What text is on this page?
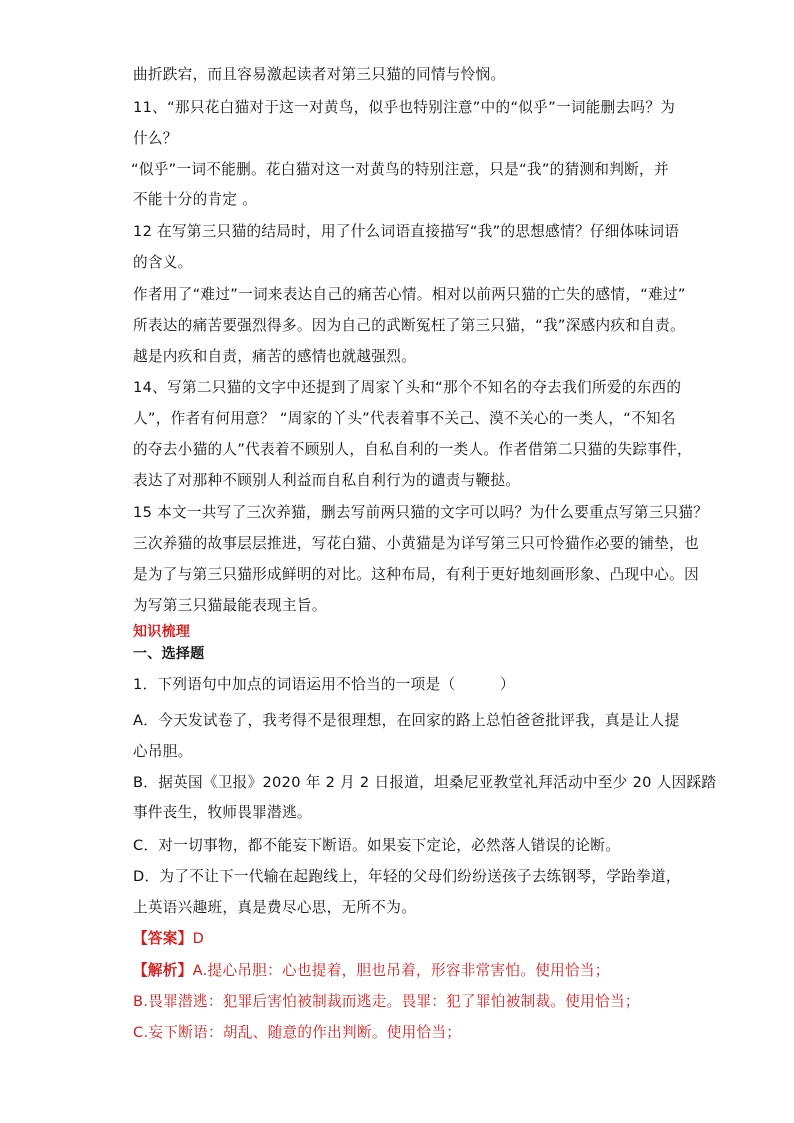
曲折跌宕，而且容易激起读者对第三只猫的同情与怜悯。
11、“那只花白猫对于这一对黄鸟，似乎也特别注意”中的“似乎”一词能删去吗？为
什么？
“似乎”一词不能删。花白猫对这一对黄鸟的特别注意，只是“我”的猜测和判断，并
不能十分的肯定 。
12 在写第三只猫的结局时，用了什么词语直接描写“我”的思想感情？仔细体味词语
的含义。
作者用了“难过”一词来表达自己的痛苦心情。相对以前两只猫的亡失的感情，“难过”
所表达的痛苦要强烈得多。因为自己的武断冤枉了第三只猫，“我”深感内疚和自责。
越是内疚和自责，痛苦的感情也就越强烈。
14、写第二只猫的文字中还提到了周家丫头和“那个不知名的夺去我们所爱的东西的
人”，作者有何用意？ “周家的丫头”代表着事不关己、漠不关心的一类人，“不知名
的夺去小猫的人”代表着不顾别人，自私自利的一类人。作者借第二只猫的失踪事件，
表达了对那种不顾别人利益而自私自利行为的谴责与鞭挞。
15 本文一共写了三次养猫，删去写前两只猫的文字可以吗？为什么要重点写第三只猫？
三次养猫的故事层层推进，写花白猫、小黄猫是为详写第三只可怜猫作必要的铺垫，也
是为了与第三只猫形成鲜明的对比。这种布局，有利于更好地刻画形象、凸现中心。因
为写第三只猫最能表现主旨。
知识梳理
一、选择题
1．下列语句中加点的词语运用不恰当的一项是（　　　）
A．今天发试卷了，我考得不是很理想，在回家的路上总怕爸爸批评我，真是让人提
心吊胆。
B．据英国《卫报》2020 年 2 月 2 日报道，坦桑尼亚教堂礼拜活动中至少 20 人因踩踏
事件丧生，牧师畏罪潜逃。
C．对一切事物，都不能妄下断语。如果妄下定论，必然落人错误的论断。
D．为了不让下一代输在起跑线上，年轻的父母们纷纷送孩子去练钢琴，学跆拳道，
上英语兴趣班，真是费尽心思，无所不为。
【答案】D
【解析】A.提心吊胆：心也提着，胆也吊着，形容非常害怕。使用恰当；
B.畏罪潜逃：犯罪后害怕被制裁而逃走。畏罪：犯了罪怕被制裁。使用恰当；
C.妄下断语：胡乱、随意的作出判断。使用恰当；
